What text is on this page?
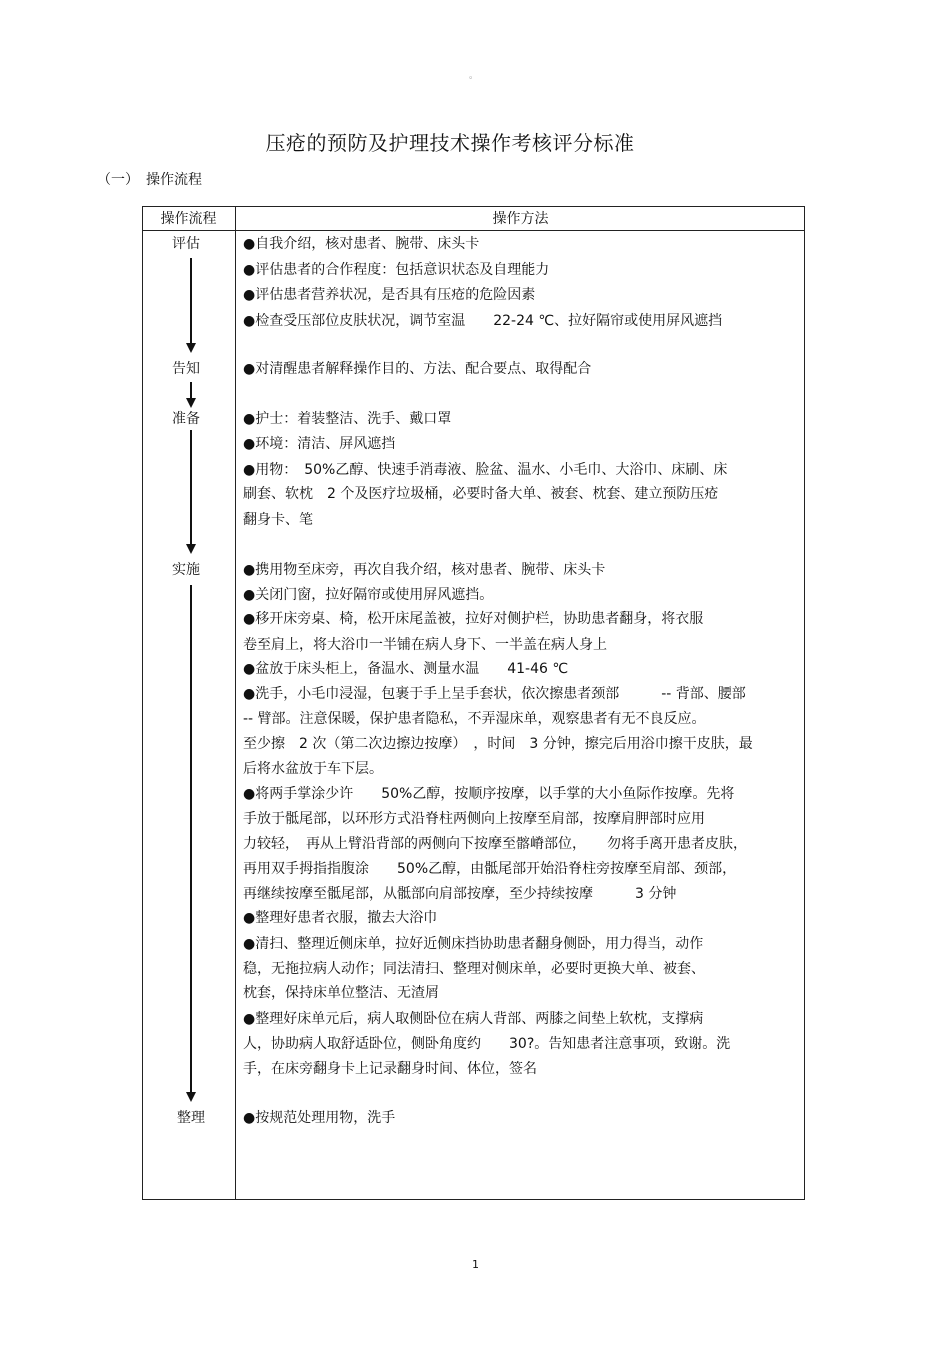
。
压疮的预防及护理技术操作考核评分标准
（一） 操作流程
操作流程	操作方法
评估
告知
准备
实施
整理
●自我介绍，核对患者、腕带、床头卡
●评估患者的合作程度：包括意识状态及自理能力
●评估患者营养状况，是否具有压疮的危险因素
●检查受压部位皮肤状况，调节室温　　22-24 ℃、拉好隔帘或使用屏风遮挡
●对清醒患者解释操作目的、方法、配合要点、取得配合
●护士：着装整洁、洗手、戴口罩
●环境：清洁、屏风遮挡
●用物：　50%乙醇、快速手消毒液、脸盆、温水、小毛巾、大浴巾、床刷、床
刷套、软枕　2 个及医疗垃圾桶，必要时备大单、被套、枕套、建立预防压疮
翻身卡、笔
●携用物至床旁，再次自我介绍，核对患者、腕带、床头卡
●关闭门窗，拉好隔帘或使用屏风遮挡。
●移开床旁桌、椅，松开床尾盖被，拉好对侧护栏，协助患者翻身，将衣服
卷至肩上，将大浴巾一半铺在病人身下、一半盖在病人身上
●盆放于床头柜上，备温水、测量水温　　41-46 ℃
●洗手，小毛巾浸湿，包裹于手上呈手套状，依次擦患者颈部　　　-- 背部、腰部
-- 臂部。注意保暖，保护患者隐私，不弄湿床单，观察患者有无不良反应。
至少擦　2 次（第二次边擦边按摩）　，时间　3 分钟，擦完后用浴巾擦干皮肤，最
后将水盆放于车下层。
●将两手掌涂少许　　50%乙醇，按顺序按摩，以手掌的大小鱼际作按摩。先将
手放于骶尾部，以环形方式沿脊柱两侧向上按摩至肩部，按摩肩胛部时应用
力较轻，　再从上臂沿背部的两侧向下按摩至髂嵴部位，　　勿将手离开患者皮肤，
再用双手拇指指腹涂　　50%乙醇，由骶尾部开始沿脊柱旁按摩至肩部、颈部，
再继续按摩至骶尾部，从骶部向肩部按摩，至少持续按摩　　　3 分钟
●整理好患者衣服，撤去大浴巾
●清扫、整理近侧床单，拉好近侧床挡协助患者翻身侧卧，用力得当，动作
稳，无拖拉病人动作；同法清扫、整理对侧床单，必要时更换大单、被套、
枕套，保持床单位整洁、无渣屑
●整理好床单元后，病人取侧卧位在病人背部、两膝之间垫上软枕，支撑病
人，协助病人取舒适卧位，侧卧角度约　　30?。告知患者注意事项，致谢。洗
手，在床旁翻身卡上记录翻身时间、体位，签名
●按规范处理用物，洗手
1
